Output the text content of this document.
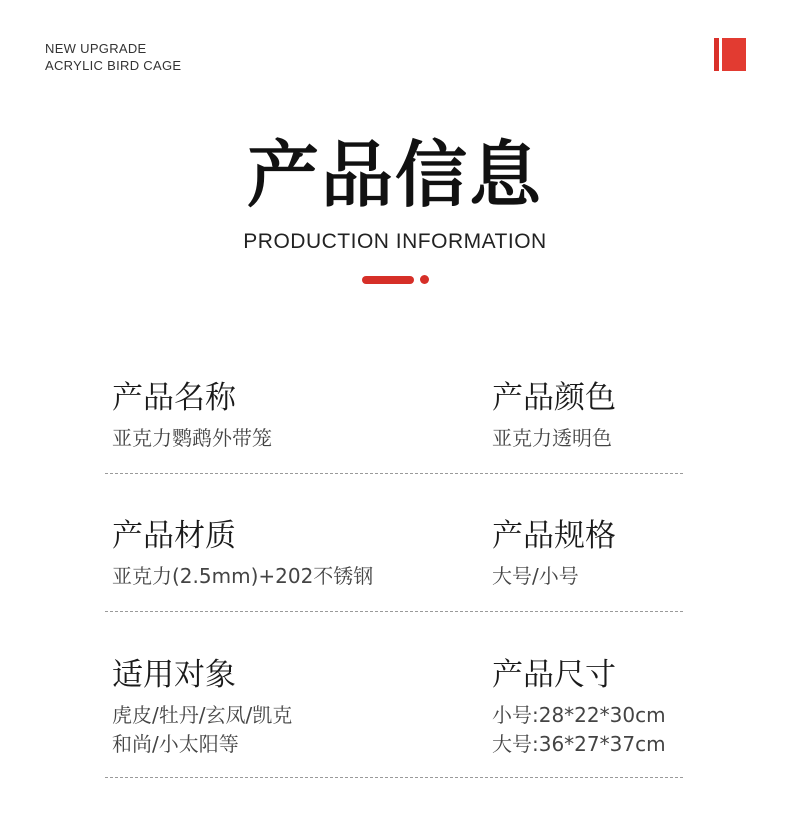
NEW UPGRADE
ACRYLIC BIRD CAGE
产品信息
PRODUCTION INFORMATION
产品名称
亚克力鹦鹉外带笼
产品颜色
亚克力透明色
产品材质
亚克力(2.5mm)+202不锈钢
产品规格
大号/小号
适用对象
虎皮/牡丹/玄凤/凯克
和尚/小太阳等
产品尺寸
小号:28*22*30cm
大号:36*27*37cm
